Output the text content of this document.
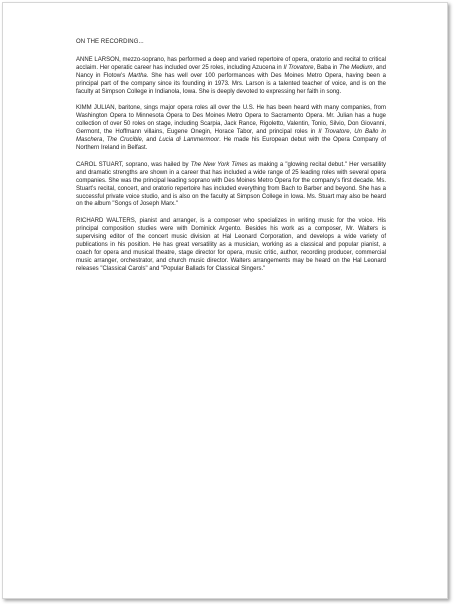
ON THE RECORDING...

ANNE LARSON, mezzo-soprano, has performed a deep and varied repertoire of opera, oratorio and recital to critical acclaim. Her operatic career has included over 25 roles, including Azucena in Il Trovatore, Baba in The Medium, and Nancy in Flotow’s Martha. She has well over 100 performances with Des Moines Metro Opera, having been a principal part of the company since its founding in 1973. Mrs. Larson is a talented teacher of voice, and is on the faculty at Simpson College in Indianola, Iowa. She is deeply devoted to expressing her faith in song.

KIMM JULIAN, baritone, sings major opera roles all over the U.S. He has been heard with many companies, from Washington Opera to Minnesota Opera to Des Moines Metro Opera to Sacramento Opera. Mr. Julian has a huge collection of over 50 roles on stage, including Scarpia, Jack Rance, Rigoletto, Valentin, Tonio, Silvio, Don Giovanni, Germont, the Hoffmann villains, Eugene Onegin, Horace Tabor, and principal roles in Il Trovatore, Un Ballo in Maschera, The Crucible, and Lucia di Lammermoor. He made his European debut with the Opera Company of Northern Ireland in Belfast.

CAROL STUART, soprano, was hailed by The New York Times as making a "glowing recital debut." Her versatility and dramatic strengths are shown in a career that has included a wide range of 25 leading roles with several opera companies. She was the principal leading soprano with Des Moines Metro Opera for the company’s first decade. Ms. Stuart’s recital, concert, and oratorio repertoire has included everything from Bach to Barber and beyond. She has a successful private voice studio, and is also on the faculty at Simpson College in Iowa. Ms. Stuart may also be heard on the album "Songs of Joseph Marx."

RICHARD WALTERS, pianist and arranger, is a composer who specializes in writing music for the voice. His principal composition studies were with Dominick Argento. Besides his work as a composer, Mr. Walters is supervising editor of the concert music division at Hal Leonard Corporation, and develops a wide variety of publications in his position. He has great versatility as a musician, working as a classical and popular pianist, a coach for opera and musical theatre, stage director for opera, music critic, author, recording producer, commercial music arranger, orchestrator, and church music director. Walters arrangements may be heard on the Hal Leonard releases "Classical Carols" and "Popular Ballads for Classical Singers."
